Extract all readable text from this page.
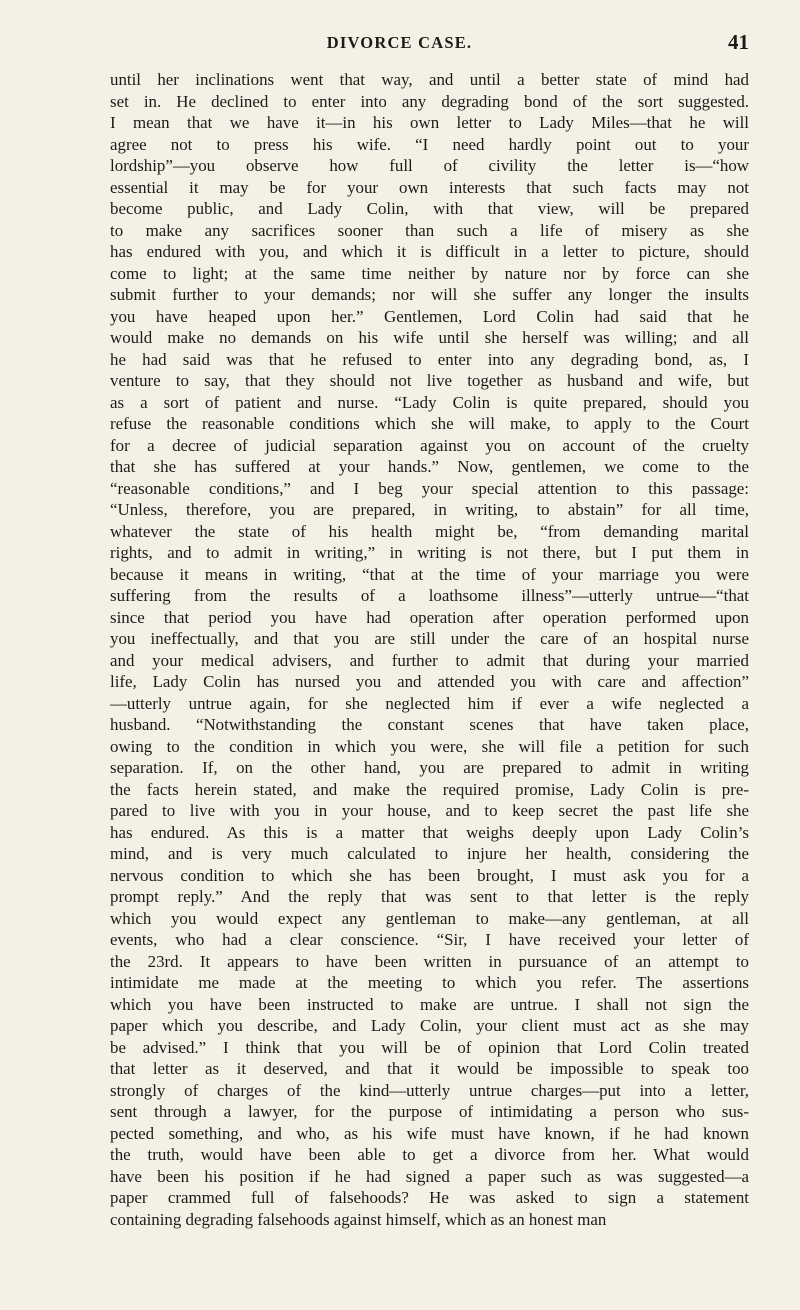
DIVORCE CASE.	41
until her inclinations went that way, and until a better state of mind had
set in. He declined to enter into any degrading bond of the sort suggested.
I mean that we have it—in his own letter to Lady Miles—that he will
agree not to press his wife. “I need hardly point out to your
lordship”—you observe how full of civility the letter is—“how
essential it may be for your own interests that such facts may not
become public, and Lady Colin, with that view, will be prepared
to make any sacrifices sooner than such a life of misery as she
has endured with you, and which it is difficult in a letter to picture, should
come to light; at the same time neither by nature nor by force can she
submit further to your demands; nor will she suffer any longer the insults
you have heaped upon her.” Gentlemen, Lord Colin had said that he
would make no demands on his wife until she herself was willing; and all
he had said was that he refused to enter into any degrading bond, as, I
venture to say, that they should not live together as husband and wife, but
as a sort of patient and nurse. “Lady Colin is quite prepared, should you
refuse the reasonable conditions which she will make, to apply to the Court
for a decree of judicial separation against you on account of the cruelty
that she has suffered at your hands.” Now, gentlemen, we come to the
“reasonable conditions,” and I beg your special attention to this passage:
“Unless, therefore, you are prepared, in writing, to abstain” for all time,
whatever the state of his health might be, “from demanding marital
rights, and to admit in writing,” in writing is not there, but I put them in
because it means in writing, “that at the time of your marriage you were
suffering from the results of a loathsome illness”—utterly untrue—“that
since that period you have had operation after operation performed upon
you ineffectually, and that you are still under the care of an hospital nurse
and your medical advisers, and further to admit that during your married
life, Lady Colin has nursed you and attended you with care and affection”
—utterly untrue again, for she neglected him if ever a wife neglected a
husband. “Notwithstanding the constant scenes that have taken place,
owing to the condition in which you were, she will file a petition for such
separation. If, on the other hand, you are prepared to admit in writing
the facts herein stated, and make the required promise, Lady Colin is pre-
pared to live with you in your house, and to keep secret the past life she
has endured. As this is a matter that weighs deeply upon Lady Colin’s
mind, and is very much calculated to injure her health, considering the
nervous condition to which she has been brought, I must ask you for a
prompt reply.” And the reply that was sent to that letter is the reply
which you would expect any gentleman to make—any gentleman, at all
events, who had a clear conscience. “Sir, I have received your letter of
the 23rd. It appears to have been written in pursuance of an attempt to
intimidate me made at the meeting to which you refer. The assertions
which you have been instructed to make are untrue. I shall not sign the
paper which you describe, and Lady Colin, your client must act as she may
be advised.” I think that you will be of opinion that Lord Colin treated
that letter as it deserved, and that it would be impossible to speak too
strongly of charges of the kind—utterly untrue charges—put into a letter,
sent through a lawyer, for the purpose of intimidating a person who sus-
pected something, and who, as his wife must have known, if he had known
the truth, would have been able to get a divorce from her. What would
have been his position if he had signed a paper such as was suggested—a
paper crammed full of falsehoods? He was asked to sign a statement
containing degrading falsehoods against himself, which as an honest man
